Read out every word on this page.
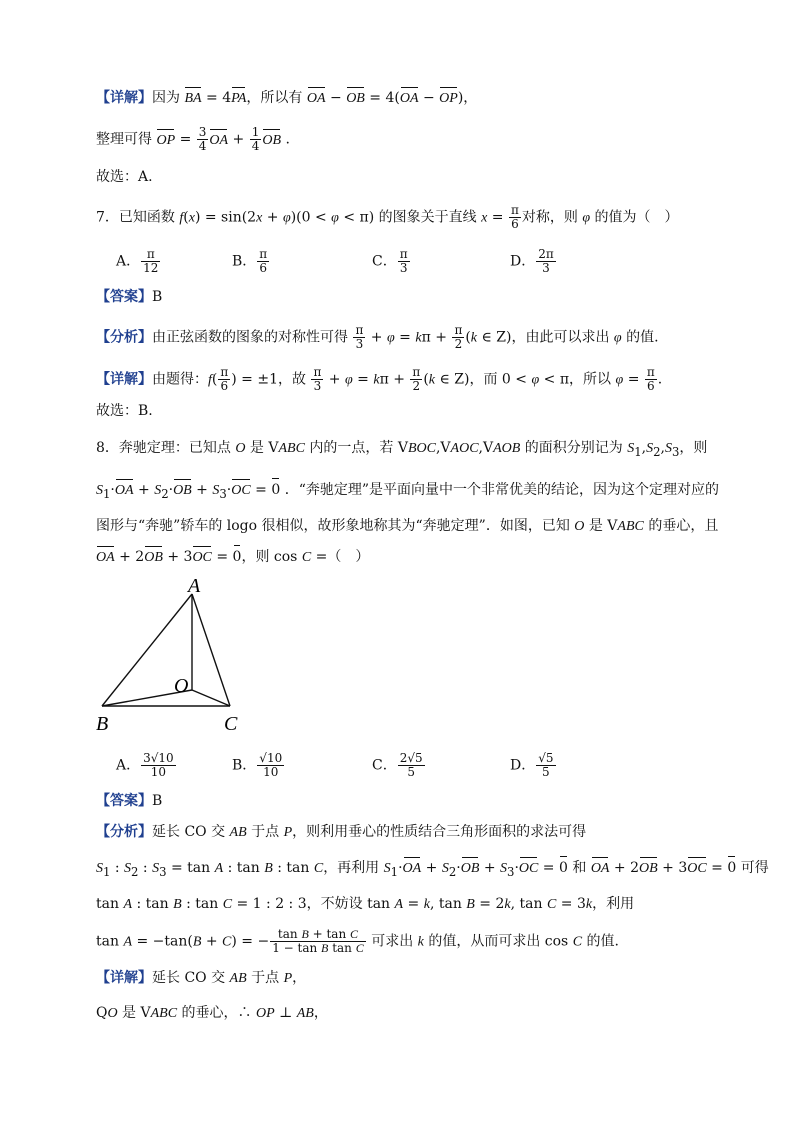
【详解】因为 BA = 4PA，所以有 OA − OB = 4(OA − OP)，
整理可得 OP = $\frac{3}{4}$ OA + $\frac{1}{4}$ OB .
故选：A.
7．已知函数 f(x) = sin(2x + φ)(0 < φ < π) 的图象关于直线 $x = \frac{\pi}{6}$ 对称，则 φ 的值为（　）
A． $\frac{\pi}{12}$	B． $\frac{\pi}{6}$	C． $\frac{\pi}{3}$	D． $\frac{2\pi}{3}$
【答案】B
【分析】由正弦函数的图象的对称性可得 $\frac{\pi}{3} + \varphi = k\pi + \frac{\pi}{2} (k$ ∈ Z)，由此可以求出 φ 的值.
【详解】由题得：$f( \frac{\pi}{6}$ ) = ±1，故 $\frac{\pi}{3} + \varphi = k\pi + \frac{\pi}{2} (k$ ∈ Z)，而 0 < φ < π，所以 $\varphi = \frac{\pi}{6}$ .
故选：B.
8．奔驰定理：已知点 O 是 VABC 内的一点，若 VBOC,VAOC,VAOB 的面积分别记为 $S_1,S_2,S_3$，则
$S_1\cdot OA + S_2\cdot OB + S_3\cdot OC = 0$ ．“奔驰定理”是平面向量中一个非常优美的结论，因为这个定理对应的
图形与“奔驰”轿车的 logo 很相似，故形象地称其为“奔驰定理”．如图，已知 O 是 VABC 的垂心，且
OA + 2OB + 3OC = 0，则 cos C =（　）
A
B	C
O
A． $\frac{3√10}{10}$	B． $\frac{√10}{10}$	C． $\frac{2√5}{5}$	D． $\frac{√5}{5}$
【答案】B
【分析】延长 CO 交 AB 于点 P，则利用垂心的性质结合三角形面积的求法可得
$S_1$ : $S_2$ : $S_3 = \tan A$ : tan B : tan C，再利用 $S_1\cdot OA + S_2\cdot OB + S_3\cdot OC = 0$ 和 OA + 2OB + 3OC = 0 可得
tan A : tan B : tan C = 1 : 2 : 3，不妨设 tan A = k, tan B = 2k, tan C = 3k，利用
tan A = −tan(B + C) = − $\frac{\text{tan B + tan C}}{\text{1 − tan B tan C}}$ 可求出 k 的值，从而可求出 cos C 的值.
【详解】延长 CO 交 AB 于点 P，
QO 是 VABC 的垂心，∴ OP ⊥ AB，
